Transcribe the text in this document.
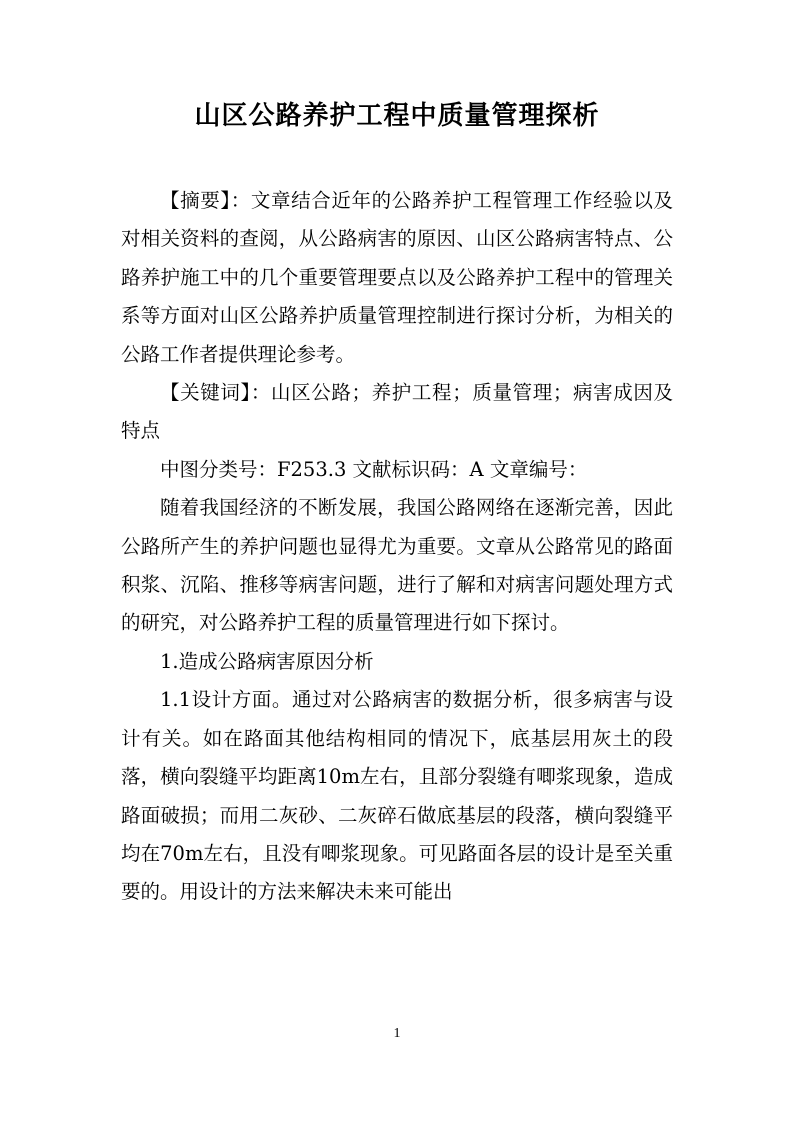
山区公路养护工程中质量管理探析

【摘要】：文章结合近年的公路养护工程管理工作经验以及对相关资料的查阅，从公路病害的原因、山区公路病害特点、公路养护施工中的几个重要管理要点以及公路养护工程中的管理关系等方面对山区公路养护质量管理控制进行探讨分析，为相关的公路工作者提供理论参考。

【关键词】：山区公路；养护工程；质量管理；病害成因及特点

中图分类号：F253.3 文献标识码：A 文章编号：

随着我国经济的不断发展，我国公路网络在逐渐完善，因此公路所产生的养护问题也显得尤为重要。文章从公路常见的路面积浆、沉陷、推移等病害问题，进行了解和对病害问题处理方式的研究，对公路养护工程的质量管理进行如下探讨。

1.造成公路病害原因分析

1.1设计方面。通过对公路病害的数据分析，很多病害与设计有关。如在路面其他结构相同的情况下，底基层用灰土的段落，横向裂缝平均距离10m左右，且部分裂缝有唧浆现象，造成路面破损；而用二灰砂、二灰碎石做底基层的段落，横向裂缝平均在70m左右，且没有唧浆现象。可见路面各层的设计是至关重要的。用设计的方法来解决未来可能出

1
